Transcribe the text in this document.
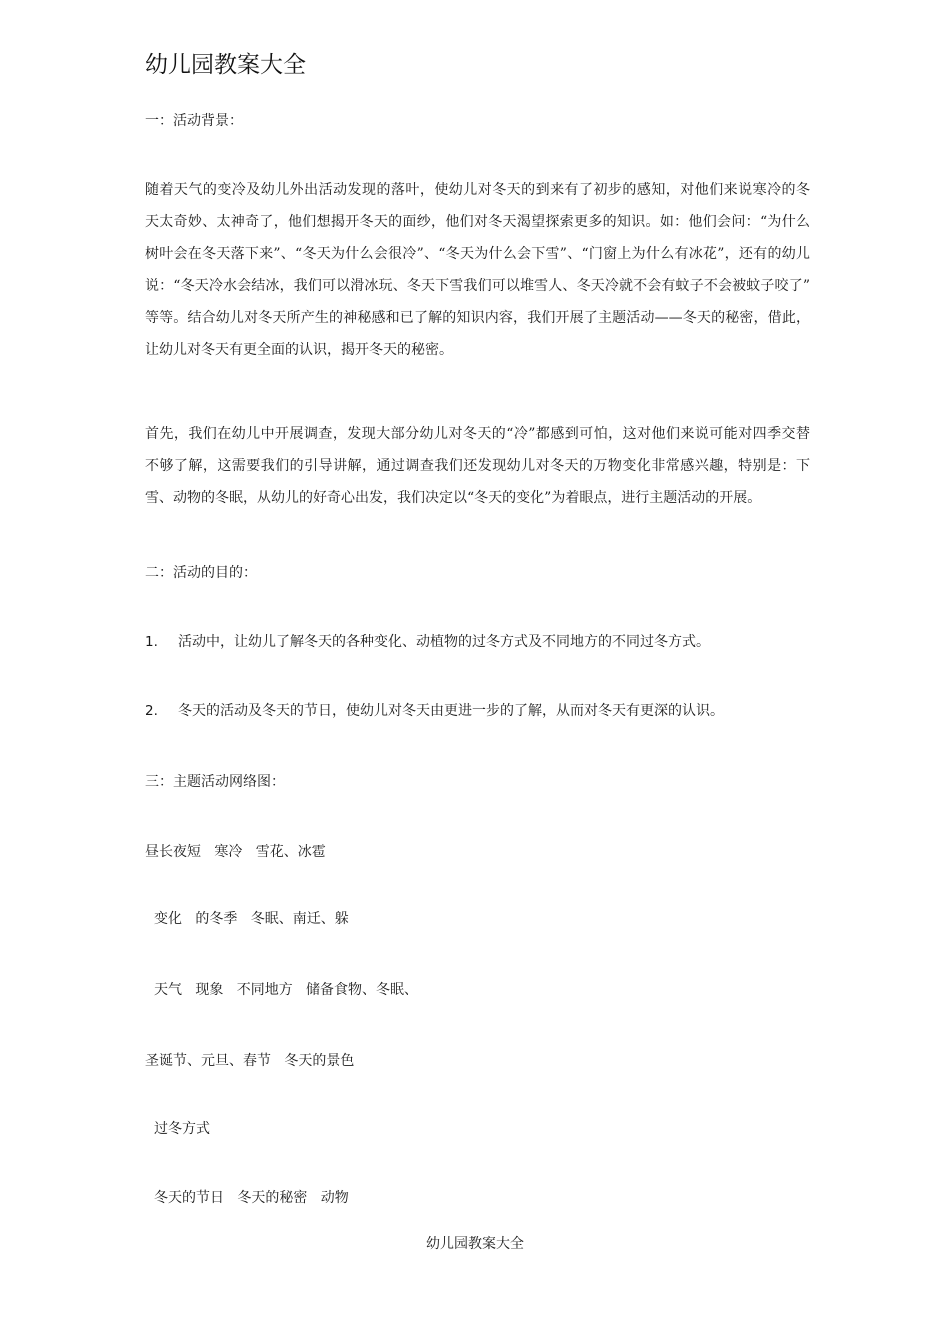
幼儿园教案大全
一：活动背景：
随着天气的变冷及幼儿外出活动发现的落叶，使幼儿对冬天的到来有了初步的感知，对他们来说寒冷的冬
天太奇妙、太神奇了，他们想揭开冬天的面纱，他们对冬天渴望探索更多的知识。如：他们会问：“为什么
树叶会在冬天落下来”、“冬天为什么会很冷”、“冬天为什么会下雪”、“门窗上为什么有冰花”，还有的幼儿
说：“冬天冷水会结冰，我们可以滑冰玩、冬天下雪我们可以堆雪人、冬天冷就不会有蚊子不会被蚊子咬了”
等等。结合幼儿对冬天所产生的神秘感和已了解的知识内容，我们开展了主题活动——冬天的秘密，借此，
让幼儿对冬天有更全面的认识，揭开冬天的秘密。
首先，我们在幼儿中开展调查，发现大部分幼儿对冬天的“冷”都感到可怕，这对他们来说可能对四季交替
不够了解，这需要我们的引导讲解，通过调查我们还发现幼儿对冬天的万物变化非常感兴趣，特别是：下
雪、动物的冬眠，从幼儿的好奇心出发，我们决定以“冬天的变化”为着眼点，进行主题活动的开展。
二：活动的目的：
1. 活动中，让幼儿了解冬天的各种变化、动植物的过冬方式及不同地方的不同过冬方式。
2. 冬天的活动及冬天的节日，使幼儿对冬天由更进一步的了解，从而对冬天有更深的认识。
三：主题活动网络图：
昼长夜短   寒冷   雪花、冰雹
变化   的冬季   冬眠、南迁、躲
天气   现象   不同地方   储备食物、冬眠、
圣诞节、元旦、春节   冬天的景色
过冬方式
冬天的节日   冬天的秘密   动物
幼儿园教案大全
